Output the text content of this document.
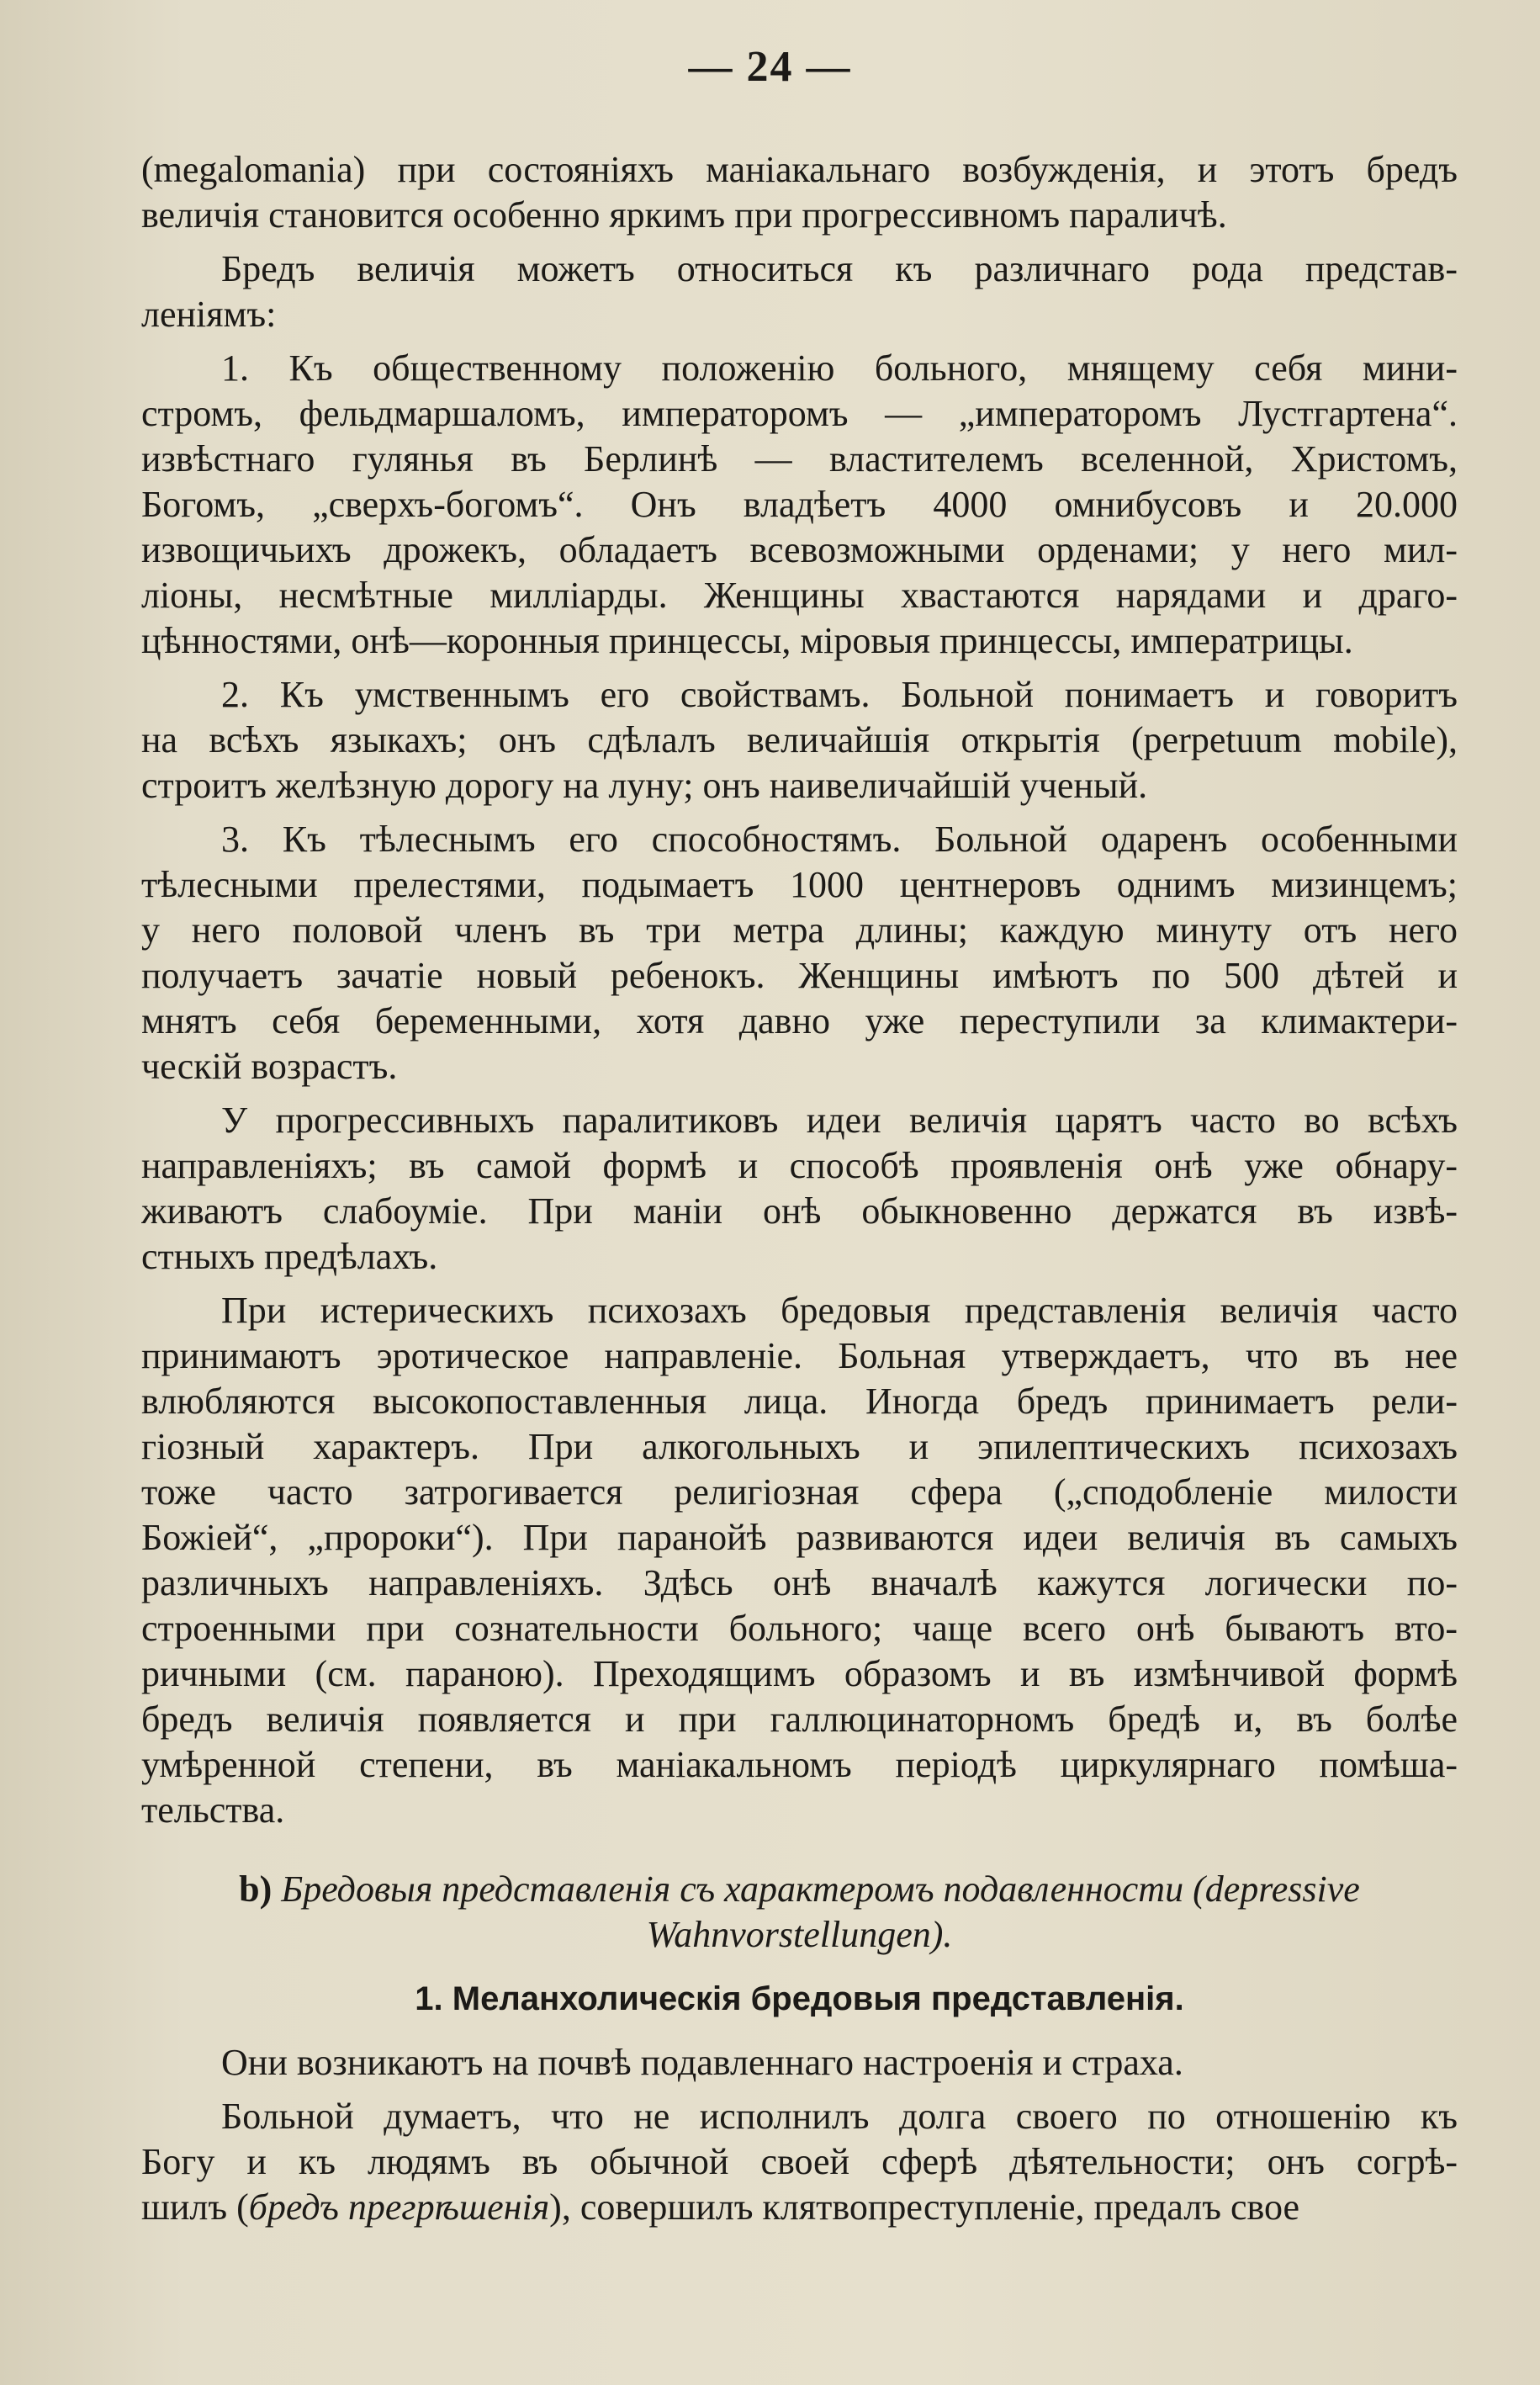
— 24 —
(megalomania) при состояніяхъ маніакальнаго возбужденія, и этотъ бредъ
величія становится особенно яркимъ при прогрессивномъ параличѣ.
Бредъ величія можетъ относиться къ различнаго рода представ-
леніямъ:
1. Къ общественному положенію больного, мнящему себя мини-
стромъ, фельдмаршаломъ, императоромъ — „императоромъ Лустгартена“.
извѣстнаго гулянья въ Берлинѣ — властителемъ вселенной, Христомъ,
Богомъ, „сверхъ-богомъ“. Онъ владѣетъ 4000 омнибусовъ и 20.000
извощичьихъ дрожекъ, обладаетъ всевозможными орденами; у него мил-
ліоны, несмѣтные милліарды. Женщины хвастаются нарядами и драго-
цѣнностями, онѣ—коронныя принцессы, міровыя принцессы, императрицы.
2. Къ умственнымъ его свойствамъ. Больной понимаетъ и говоритъ
на всѣхъ языкахъ; онъ сдѣлалъ величайшія открытія (perpetuum mobile),
строитъ желѣзную дорогу на луну; онъ наивеличайшій ученый.
3. Къ тѣлеснымъ его способностямъ. Больной одаренъ особенными
тѣлесными прелестями, подымаетъ 1000 центнеровъ однимъ мизинцемъ;
у него половой членъ въ три метра длины; каждую минуту отъ него
получаетъ зачатіе новый ребенокъ. Женщины имѣютъ по 500 дѣтей и
мнятъ себя беременными, хотя давно уже переступили за климактери-
ческій возрастъ.
У прогрессивныхъ паралитиковъ идеи величія царятъ часто во всѣхъ
направленіяхъ; въ самой формѣ и способѣ проявленія онѣ уже обнару-
живаютъ слабоуміе. При маніи онѣ обыкновенно держатся въ извѣ-
стныхъ предѣлахъ.
При истерическихъ психозахъ бредовыя представленія величія часто
принимаютъ эротическое направленіе. Больная утверждаетъ, что въ нее
влюбляются высокопоставленныя лица. Иногда бредъ принимаетъ рели-
гіозный характеръ. При алкогольныхъ и эпилептическихъ психозахъ
тоже часто затрогивается религіозная сфера („сподобленіе милости
Божіей“, „пророки“). При паранойѣ развиваются идеи величія въ самыхъ
различныхъ направленіяхъ. Здѣсь онѣ вначалѣ кажутся логически по-
строенными при сознательности больного; чаще всего онѣ бываютъ вто-
ричными (см. параною). Преходящимъ образомъ и въ измѣнчивой формѣ
бредъ величія появляется и при галлюцинаторномъ бредѣ и, въ болѣе
умѣренной степени, въ маніакальномъ періодѣ циркулярнаго помѣша-
тельства.
b) Бредовыя представленія съ характеромъ подавленности (depressive
Wahnvorstellungen).
1. Меланхолическія бредовыя представленія.
Они возникаютъ на почвѣ подавленнаго настроенія и страха.
Больной думаетъ, что не исполнилъ долга своего по отношенію къ
Богу и къ людямъ въ обычной своей сферѣ дѣятельности; онъ согрѣ-
шилъ (бредъ прегрѣшенія), совершилъ клятвопреступленіе, предалъ свое
